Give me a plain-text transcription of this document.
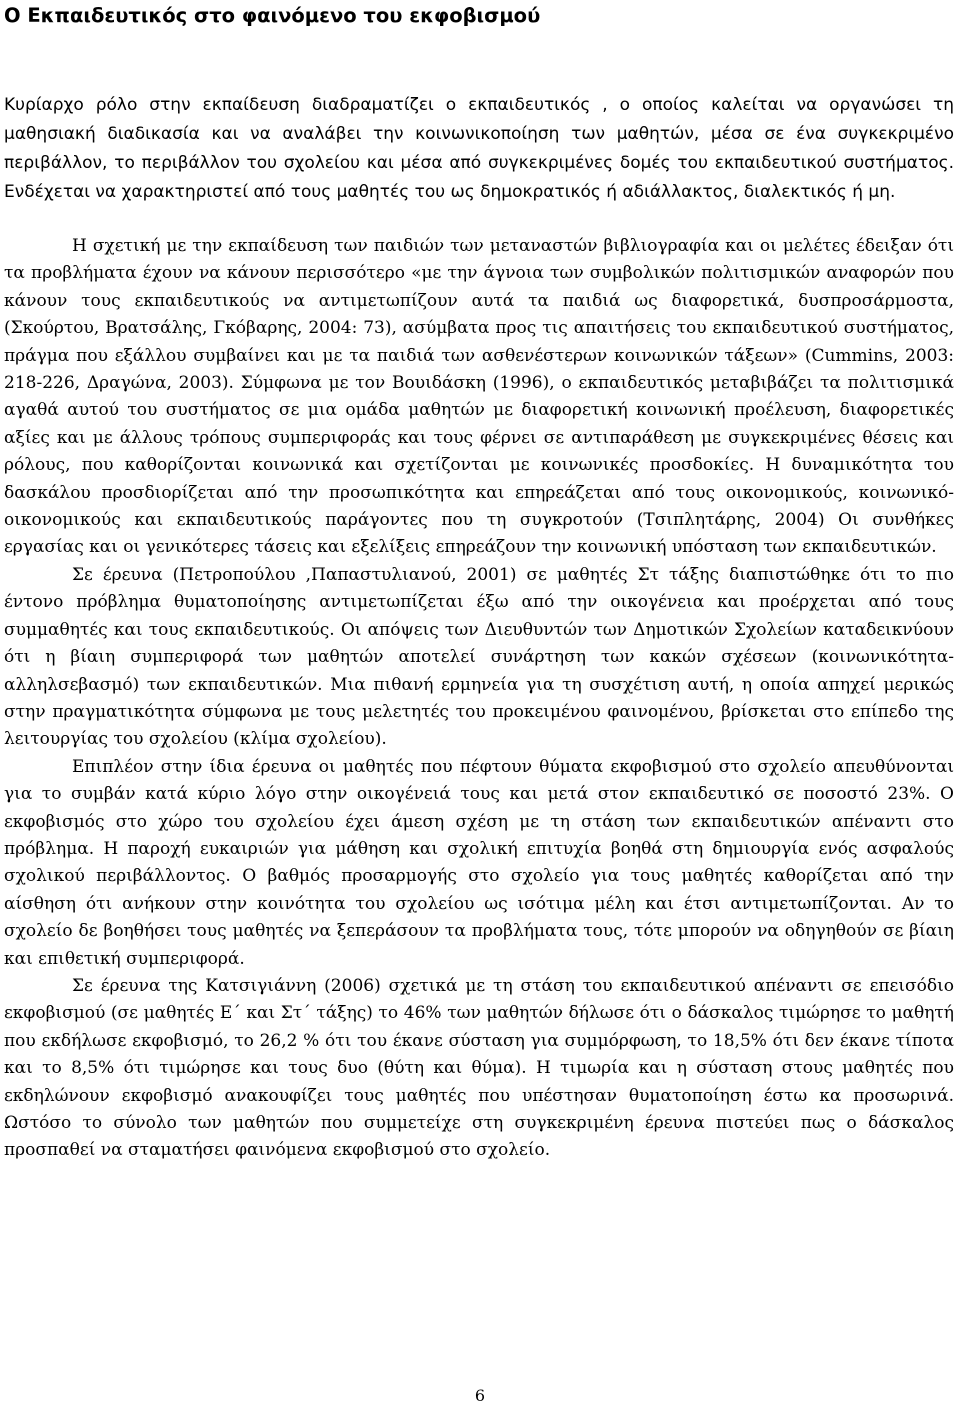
Ο Εκπαιδευτικός στο φαινόμενο του εκφοβισμού

Κυρίαρχο ρόλο στην εκπαίδευση διαδραματίζει ο εκπαιδευτικός , ο οποίος καλείται να οργανώσει τη μαθησιακή διαδικασία και να αναλάβει την κοινωνικοποίηση των μαθητών, μέσα σε ένα συγκεκριμένο περιβάλλον, το περιβάλλον του σχολείου και μέσα από συγκεκριμένες δομές του εκπαιδευτικού συστήματος. Ενδέχεται να χαρακτηριστεί από τους μαθητές του ως δημοκρατικός ή αδιάλλακτος, διαλεκτικός ή μη.

Η σχετική με την εκπαίδευση των παιδιών των μεταναστών βιβλιογραφία και οι μελέτες έδειξαν ότι τα προβλήματα έχουν να κάνουν περισσότερο «με την άγνοια των συμβολικών πολιτισμικών αναφορών που κάνουν τους εκπαιδευτικούς να αντιμετωπίζουν αυτά τα παιδιά ως διαφορετικά, δυσπροσάρμοστα, (Σκούρτου, Βρατσάλης, Γκόβαρης, 2004: 73), ασύμβατα προς τις απαιτήσεις του εκπαιδευτικού συστήματος, πράγμα που εξάλλου συμβαίνει και με τα παιδιά των ασθενέστερων κοινωνικών τάξεων» (Cummins, 2003: 218-226, Δραγώνα, 2003). Σύμφωνα με τον Βουιδάσκη (1996), ο εκπαιδευτικός μεταβιβάζει τα πολιτισμικά αγαθά αυτού του συστήματος σε μια ομάδα μαθητών με διαφορετική κοινωνική προέλευση, διαφορετικές αξίες και με άλλους τρόπους συμπεριφοράς και τους φέρνει σε αντιπαράθεση με συγκεκριμένες θέσεις και ρόλους, που καθορίζονται κοινωνικά και σχετίζονται με κοινωνικές προσδοκίες. Η δυναμικότητα του δασκάλου προσδιορίζεται από την προσωπικότητα και επηρεάζεται από τους οικονομικούς, κοινωνικό-οικονομικούς και εκπαιδευτικούς παράγοντες που τη συγκροτούν (Τσιπλητάρης, 2004) Οι συνθήκες εργασίας και οι γενικότερες τάσεις και εξελίξεις επηρεάζουν την κοινωνική υπόσταση των εκπαιδευτικών.

Σε έρευνα (Πετροπούλου ,Παπαστυλιανού, 2001) σε μαθητές Στ τάξης διαπιστώθηκε ότι το πιο έντονο πρόβλημα θυματοποίησης αντιμετωπίζεται έξω από την οικογένεια και προέρχεται από τους συμμαθητές και τους εκπαιδευτικούς. Οι απόψεις των Διευθυντών των Δημοτικών Σχολείων καταδεικνύουν ότι η βίαιη συμπεριφορά των μαθητών αποτελεί συνάρτηση των κακών σχέσεων (κοινωνικότητα-αλληλσεβασμό) των εκπαιδευτικών. Μια πιθανή ερμηνεία για τη συσχέτιση αυτή, η οποία απηχεί μερικώς στην πραγματικότητα σύμφωνα με τους μελετητές του προκειμένου φαινομένου, βρίσκεται στο επίπεδο της λειτουργίας του σχολείου (κλίμα σχολείου).

Επιπλέον στην ίδια έρευνα οι μαθητές που πέφτουν θύματα εκφοβισμού στο σχολείο απευθύνονται για το συμβάν κατά κύριο λόγο στην οικογένειά τους και μετά στον εκπαιδευτικό σε ποσοστό 23%. Ο εκφοβισμός στο χώρο του σχολείου έχει άμεση σχέση με τη στάση των εκπαιδευτικών απέναντι στο πρόβλημα. Η παροχή ευκαιριών για μάθηση και σχολική επιτυχία βοηθά στη δημιουργία ενός ασφαλούς σχολικού περιβάλλοντος. Ο βαθμός προσαρμογής στο σχολείο για τους μαθητές καθορίζεται από την αίσθηση ότι ανήκουν στην κοινότητα του σχολείου ως ισότιμα μέλη και έτσι αντιμετωπίζονται. Αν το σχολείο δε βοηθήσει τους μαθητές να ξεπεράσουν τα προβλήματα τους, τότε μπορούν να οδηγηθούν σε βίαιη και επιθετική συμπεριφορά.

Σε έρευνα της Κατσιγιάννη (2006) σχετικά με τη στάση του εκπαιδευτικού απέναντι σε επεισόδιο εκφοβισμού (σε μαθητές Ε΄ και Στ΄ τάξης) το 46% των μαθητών δήλωσε ότι ο δάσκαλος τιμώρησε το μαθητή που εκδήλωσε εκφοβισμό, το 26,2 % ότι του έκανε σύσταση για συμμόρφωση, το 18,5% ότι δεν έκανε τίποτα και το 8,5% ότι τιμώρησε και τους δυο (θύτη και θύμα). Η τιμωρία και η σύσταση στους μαθητές που εκδηλώνουν εκφοβισμό ανακουφίζει τους μαθητές που υπέστησαν θυματοποίηση έστω κα προσωρινά. Ωστόσο το σύνολο των μαθητών που συμμετείχε στη συγκεκριμένη έρευνα πιστεύει πως ο δάσκαλος προσπαθεί να σταματήσει φαινόμενα εκφοβισμού στο σχολείο.

6
